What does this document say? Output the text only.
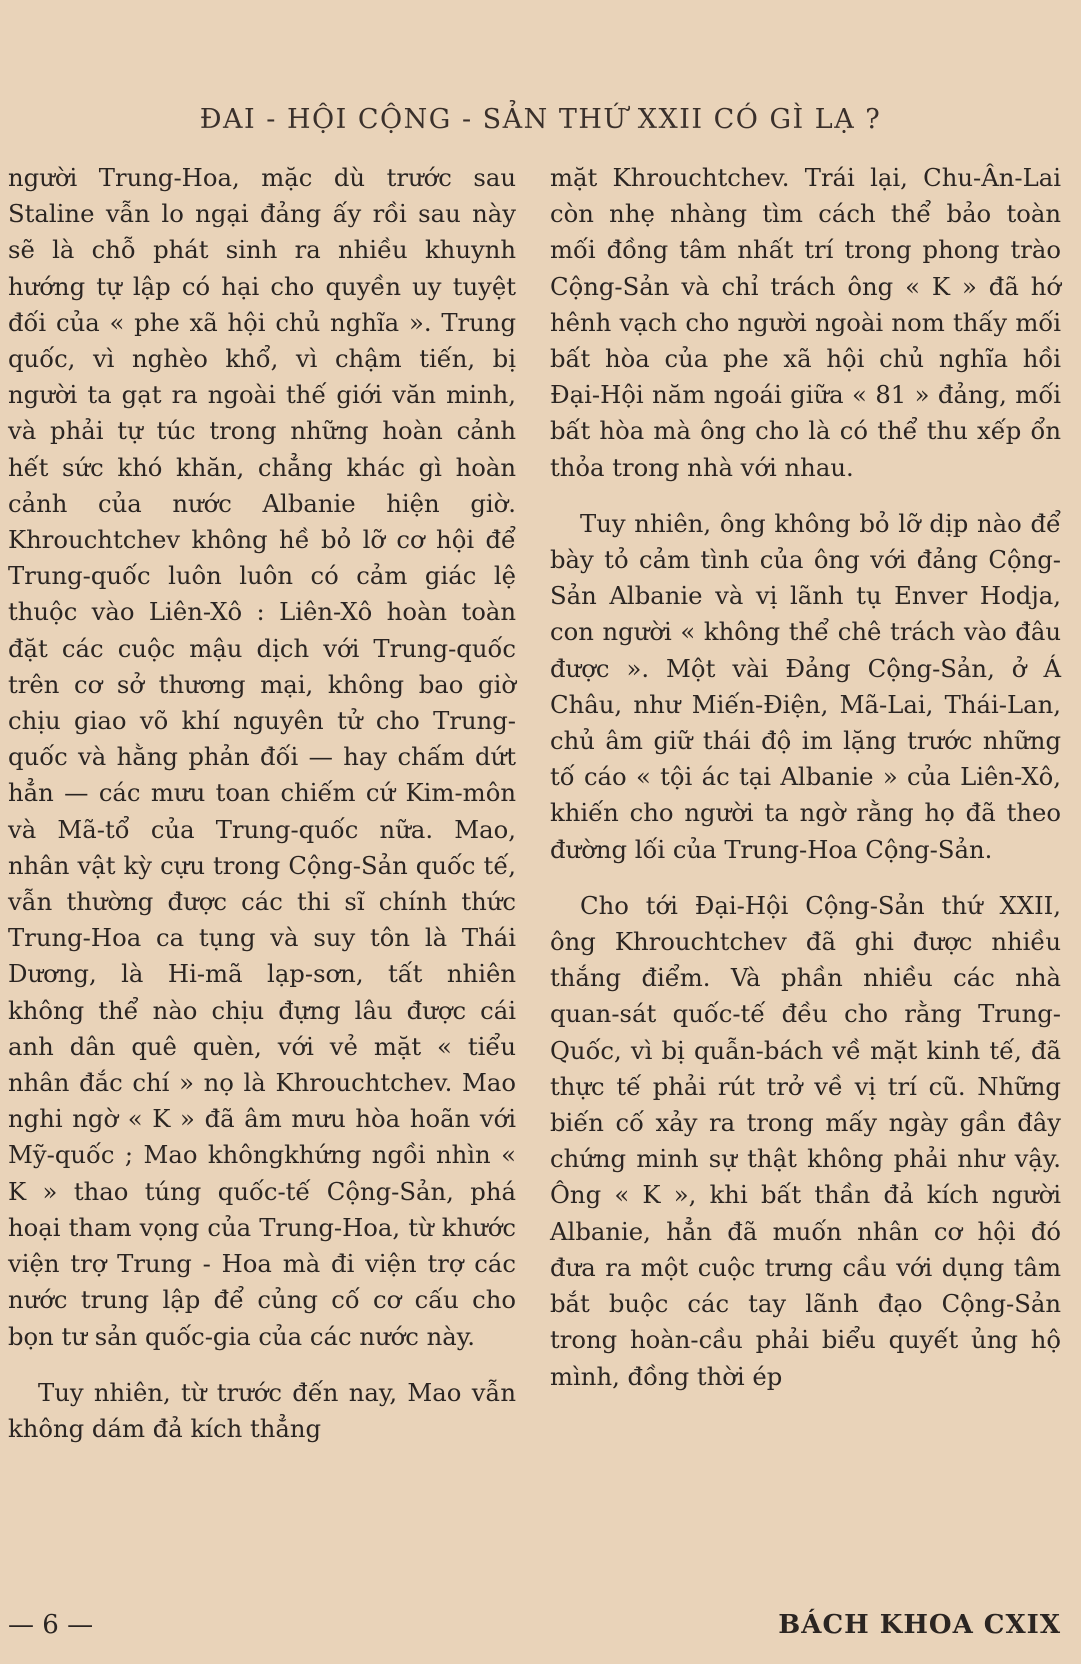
ĐAI - HỘI CỘNG - SẢN THỨ XXII CÓ GÌ LẠ ?

người Trung-Hoa, mặc dù trước sau Staline vẫn lo ngại đảng ấy rồi sau này sẽ là chỗ phát sinh ra nhiều khuynh hướng tự lập có hại cho quyền uy tuyệt đối của « phe xã hội chủ nghĩa ». Trung quốc, vì nghèo khổ, vì chậm tiến, bị người ta gạt ra ngoài thế giới văn minh, và phải tự túc trong những hoàn cảnh hết sức khó khăn, chẳng khác gì hoàn cảnh của nước Albanie hiện giờ. Khrouchtchev không hề bỏ lỡ cơ hội để Trung-quốc luôn luôn có cảm giác lệ thuộc vào Liên-Xô : Liên-Xô hoàn toàn đặt các cuộc mậu dịch với Trung-quốc trên cơ sở thương mại, không bao giờ chịu giao võ khí nguyên tử cho Trung-quốc và hằng phản đối — hay chấm dứt hẳn — các mưu toan chiếm cứ Kim-môn và Mã-tổ của Trung-quốc nữa. Mao, nhân vật kỳ cựu trong Cộng-Sản quốc tế, vẫn thường được các thi sĩ chính thức Trung-Hoa ca tụng và suy tôn là Thái Dương, là Hi-mã lạp-sơn, tất nhiên không thể nào chịu đựng lâu được cái anh dân quê quèn, với vẻ mặt « tiểu nhân đắc chí » nọ là Khrouchtchev. Mao nghi ngờ « K » đã âm mưu hòa hoãn với Mỹ-quốc ; Mao khôngkhứng ngồi nhìn « K » thao túng quốc-tế Cộng-Sản, phá hoại tham vọng của Trung-Hoa, từ khước viện trợ Trung - Hoa mà đi viện trợ các nước trung lập để củng cố cơ cấu cho bọn tư sản quốc-gia của các nước này.

Tuy nhiên, từ trước đến nay, Mao vẫn không dám đả kích thẳng

mặt Khrouchtchev. Trái lại, Chu-Ân-Lai còn nhẹ nhàng tìm cách thể bảo toàn mối đồng tâm nhất trí trong phong trào Cộng-Sản và chỉ trách ông « K » đã hớ hênh vạch cho người ngoài nom thấy mối bất hòa của phe xã hội chủ nghĩa hồi Đại-Hội năm ngoái giữa « 81 » đảng, mối bất hòa mà ông cho là có thể thu xếp ổn thỏa trong nhà với nhau.

Tuy nhiên, ông không bỏ lỡ dịp nào để bày tỏ cảm tình của ông với đảng Cộng-Sản Albanie và vị lãnh tụ Enver Hodja, con người « không thể chê trách vào đâu được ». Một vài Đảng Cộng-Sản, ở Á Châu, như Miến-Điện, Mã-Lai, Thái-Lan, chủ âm giữ thái độ im lặng trước những tố cáo « tội ác tại Albanie » của Liên-Xô, khiến cho người ta ngờ rằng họ đã theo đường lối của Trung-Hoa Cộng-Sản.

Cho tới Đại-Hội Cộng-Sản thứ XXII, ông Khrouchtchev đã ghi được nhiều thắng điểm. Và phần nhiều các nhà quan-sát quốc-tế đều cho rằng Trung-Quốc, vì bị quẫn-bách về mặt kinh tế, đã thực tế phải rút trở về vị trí cũ. Những biến cố xảy ra trong mấy ngày gần đây chứng minh sự thật không phải như vậy. Ông « K », khi bất thần đả kích người Albanie, hẳn đã muốn nhân cơ hội đó đưa ra một cuộc trưng cầu với dụng tâm bắt buộc các tay lãnh đạo Cộng-Sản trong hoàn-cầu phải biểu quyết ủng hộ mình, đồng thời ép

— 6 —	BÁCH KHOA CXIX
